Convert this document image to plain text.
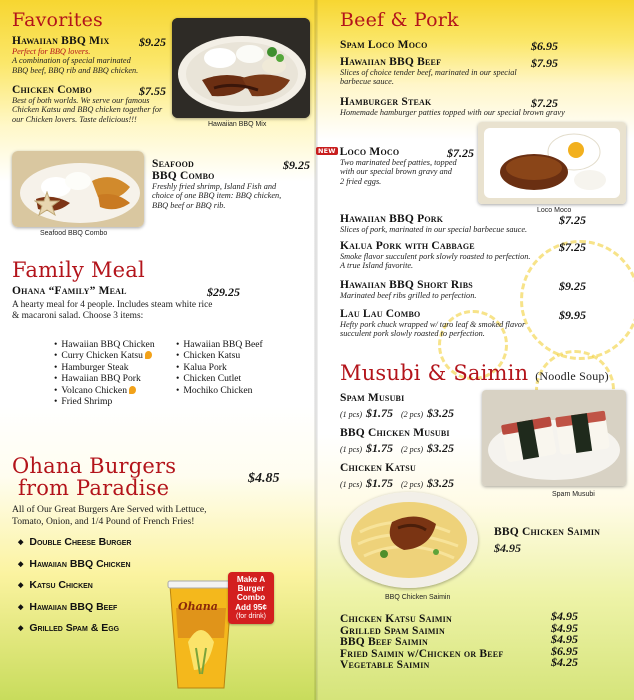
Favorites
Hawaiian BBQ Mix	$9.25
Perfect for BBQ lovers.
A combination of special marinated
BBQ beef, BBQ rib and BBQ chicken.
Hawaiian BBQ Mix
Chicken Combo	$7.55
Best of both worlds. We serve our famous
Chicken Katsu and BBQ chicken together for
our Chicken lovers. Taste delicious!!!
Seafood BBQ Combo
Seafood
BBQ Combo
$9.25
Freshly fried shrimp, Island Fish and
choice of one BBQ item: BBQ chicken,
BBQ beef or BBQ rib.
Family Meal
Ohana “Family” Meal	$29.25
A hearty meal for 4 people. Includes steam white rice
& macaroni salad. Choose 3 items:
• Hawaiian BBQ Chicken
• Curry Chicken Katsu
• Hamburger Steak
• Hawaiian BBQ Pork
• Volcano Chicken
• Fried Shrimp
• Hawaiian BBQ Beef
• Chicken Katsu
• Kalua Pork
• Chicken Cutlet
• Mochiko Chicken
Ohana Burgers
from Paradise	$4.85
All of Our Great Burgers Are Served with Lettuce,
Tomato, Onion, and 1/4 Pound of French Fries!
◆ Double Cheese Burger
◆ Hawaiian BBQ Chicken
◆ Katsu Chicken
◆ Hawaiian BBQ Beef
◆ Grilled Spam & Egg
Ohana
Make A
Burger
Combo
Add 95¢
(for drink)
Beef & Pork
Spam Loco Moco	$6.95
Hawaiian BBQ Beef	$7.95
Slices of choice tender beef, marinated in our special
barbecue sauce.
Hamburger Steak	$7.25
Homemade hamburger patties topped with our special brown gravy
Loco Moco
NEW Loco Moco	$7.25
Two marinated beef patties, topped
with our special brown gravy and
2 fried eggs.
Hawaiian BBQ Pork	$7.25
Slices of pork, marinated in our special barbecue sauce.
Kalua Pork with Cabbage	$7.25
Smoke flavor succulent pork slowly roasted to perfection.
A true Island favorite.
Hawaiian BBQ Short Ribs	$9.25
Marinated beef ribs grilled to perfection.
Lau Lau Combo	$9.95
Hefty pork chuck wrapped w/ taro leaf & smoked flavor
succulent pork slowly roasted to perfection.
Musubi & Saimin (Noodle Soup)
Spam Musubi
(1 pcs) $1.75 (2 pcs) $3.25
BBQ Chicken Musubi
(1 pcs) $1.75 (2 pcs) $3.25
Chicken Katsu
(1 pcs) $1.75 (2 pcs) $3.25
Spam Musubi
BBQ Chicken Saimin
BBQ Chicken Saimin
$4.95
Chicken Katsu Saimin	$4.95
Grilled Spam Saimin	$4.95
BBQ Beef Saimin	$4.95
Fried Saimin w/Chicken or Beef	$6.95
Vegetable Saimin	$4.25
